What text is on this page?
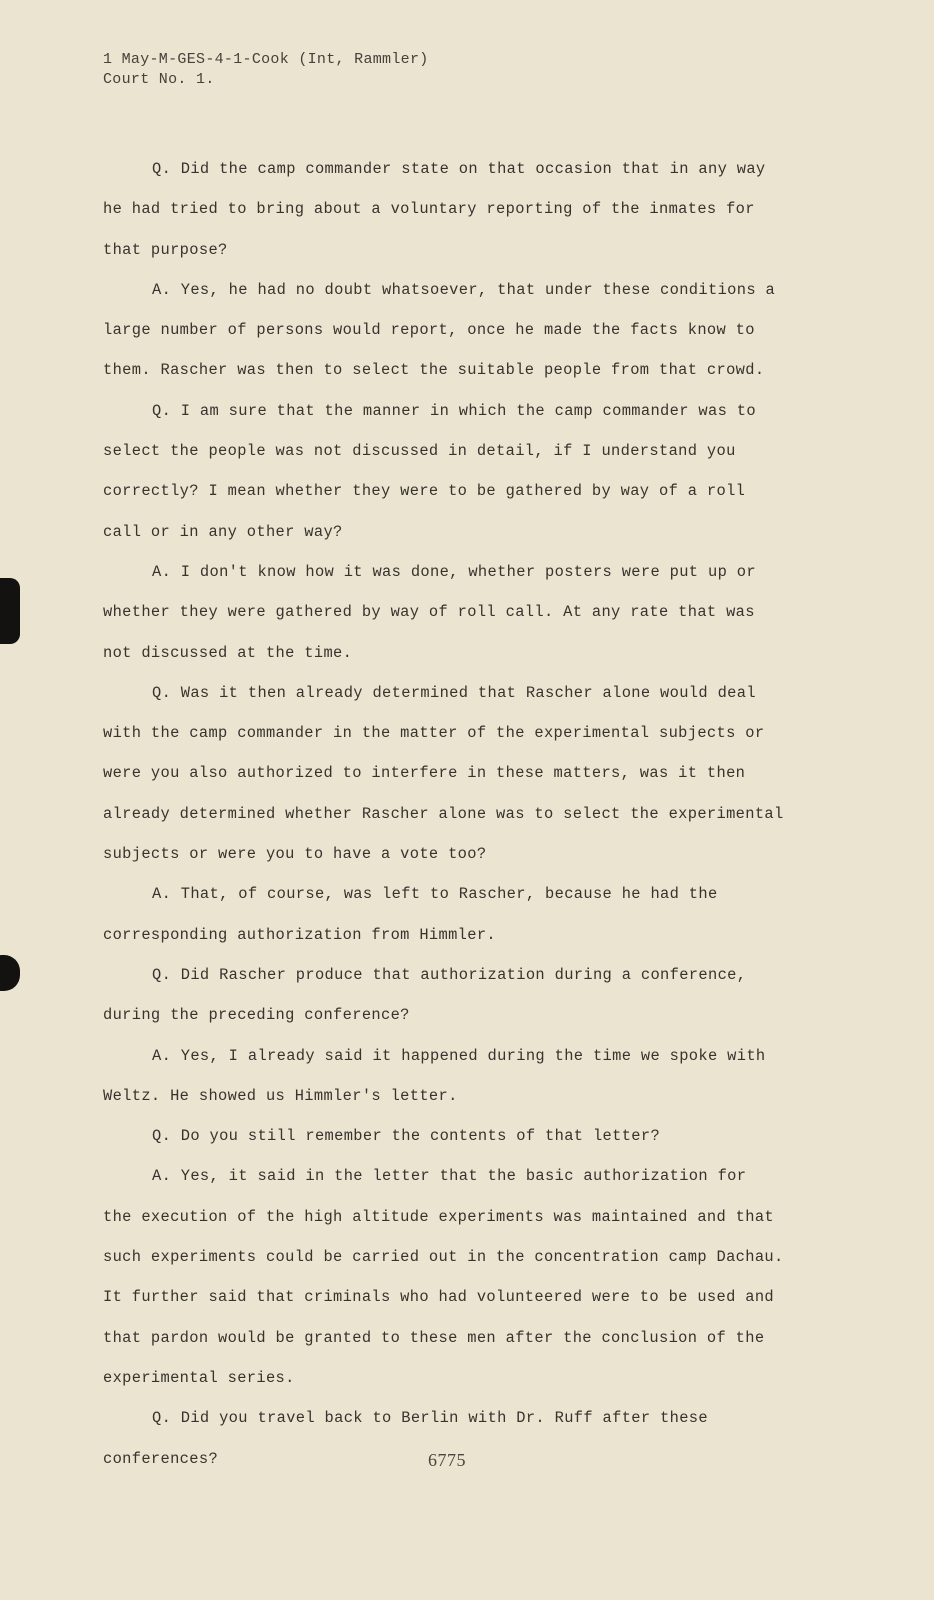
1 May-M-GES-4-1-Cook (Int, Rammler)
Court No. 1.
Q. Did the camp commander state on that occasion that in any way
he had tried to bring about a voluntary reporting of the inmates for
that purpose?
A. Yes, he had no doubt whatsoever, that under these conditions a
large number of persons would report, once he made the facts know to
them. Rascher was then to select the suitable people from that crowd.
Q. I am sure that the manner in which the camp commander was to
select the people was not discussed in detail, if I understand you
correctly? I mean whether they were to be gathered by way of a roll
call or in any other way?
A. I don't know how it was done, whether posters were put up or
whether they were gathered by way of roll call. At any rate that was
not discussed at the time.
Q. Was it then already determined that Rascher alone would deal
with the camp commander in the matter of the experimental subjects or
were you also authorized to interfere in these matters, was it then
already determined whether Rascher alone was to select the experimental
subjects or were you to have a vote too?
A. That, of course, was left to Rascher, because he had the
corresponding authorization from Himmler.
Q. Did Rascher produce that authorization during a conference,
during the preceding conference?
A. Yes, I already said it happened during the time we spoke with
Weltz. He showed us Himmler's letter.
Q. Do you still remember the contents of that letter?
A. Yes, it said in the letter that the basic authorization for
the execution of the high altitude experiments was maintained and that
such experiments could be carried out in the concentration camp Dachau.
It further said that criminals who had volunteered were to be used and
that pardon would be granted to these men after the conclusion of the
experimental series.
Q. Did you travel back to Berlin with Dr. Ruff after these
conferences?	6775
